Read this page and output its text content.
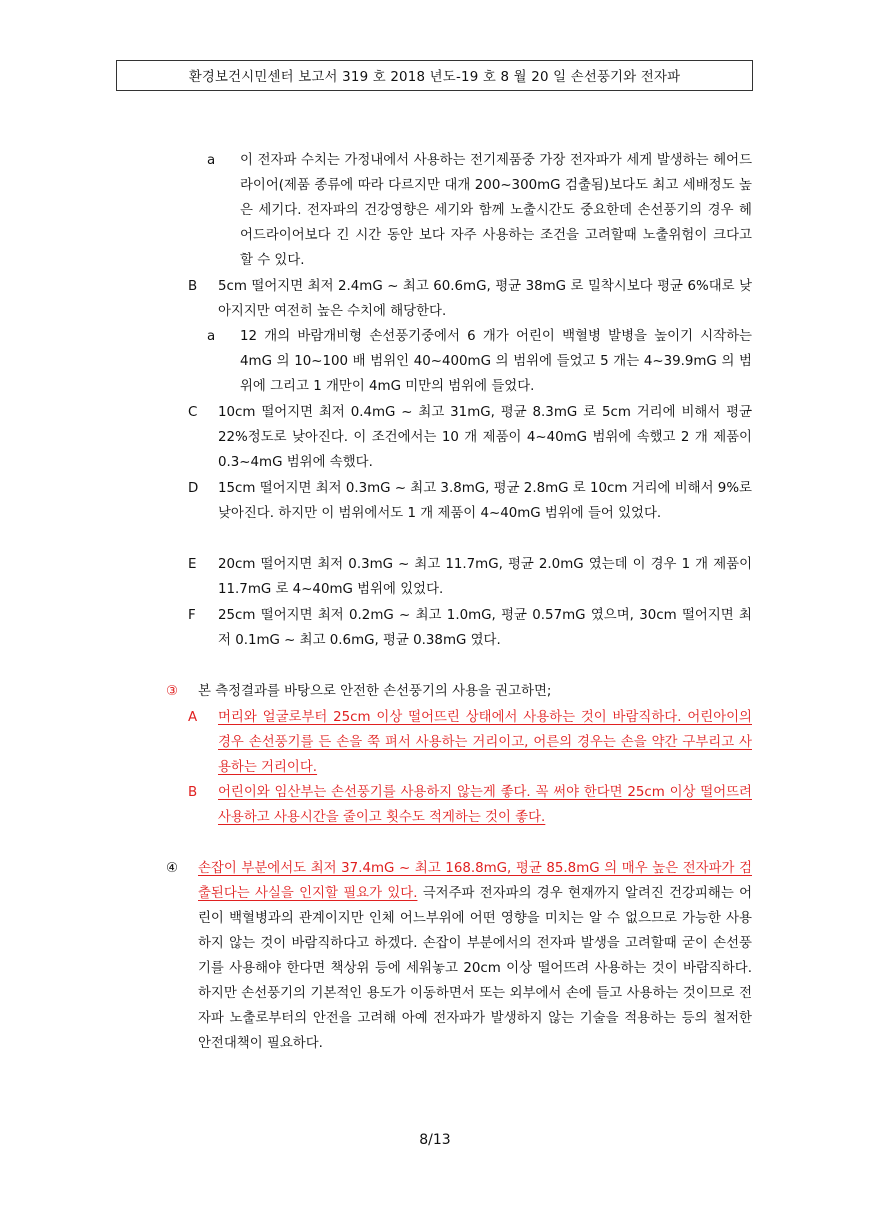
환경보건시민센터 보고서 319 호 2018 년도-19 호 8 월 20 일 손선풍기와 전자파
a 이 전자파 수치는 가정내에서 사용하는 전기제품중 가장 전자파가 세게 발생하는 헤어드라이어(제품 종류에 따라 다르지만 대개 200~300mG 검출됨)보다도 최고 세배정도 높은 세기다. 전자파의 건강영향은 세기와 함께 노출시간도 중요한데 손선풍기의 경우 헤어드라이어보다 긴 시간 동안 보다 자주 사용하는 조건을 고려할때 노출위험이 크다고 할 수 있다.
B 5cm 떨어지면 최저 2.4mG ~ 최고 60.6mG, 평균 38mG 로 밀착시보다 평균 6%대로 낮아지지만 여전히 높은 수치에 해당한다.
a 12 개의 바람개비형 손선풍기중에서 6 개가 어린이 백혈병 발병을 높이기 시작하는 4mG 의 10~100 배 범위인 40~400mG 의 범위에 들었고 5 개는 4~39.9mG 의 범위에 그리고 1 개만이 4mG 미만의 범위에 들었다.
C 10cm 떨어지면 최저 0.4mG ~ 최고 31mG, 평균 8.3mG 로 5cm 거리에 비해서 평균 22%정도로 낮아진다. 이 조건에서는 10 개 제품이 4~40mG 범위에 속했고 2 개 제품이 0.3~4mG 범위에 속했다.
D 15cm 떨어지면 최저 0.3mG ~ 최고 3.8mG, 평균 2.8mG 로 10cm 거리에 비해서 9%로 낮아진다. 하지만 이 범위에서도 1 개 제품이 4~40mG 범위에 들어 있었다.
E 20cm 떨어지면 최저 0.3mG ~ 최고 11.7mG, 평균 2.0mG 였는데 이 경우 1 개 제품이 11.7mG 로 4~40mG 범위에 있었다.
F 25cm 떨어지면 최저 0.2mG ~ 최고 1.0mG, 평균 0.57mG 였으며, 30cm 떨어지면 최저 0.1mG ~ 최고 0.6mG, 평균 0.38mG 였다.
③ 본 측정결과를 바탕으로 안전한 손선풍기의 사용을 권고하면;
A 머리와 얼굴로부터 25cm 이상 떨어뜨린 상태에서 사용하는 것이 바람직하다. 어린아이의 경우 손선풍기를 든 손을 쭉 펴서 사용하는 거리이고, 어른의 경우는 손을 약간 구부리고 사용하는 거리이다.
B 어린이와 임산부는 손선풍기를 사용하지 않는게 좋다. 꼭 써야 한다면 25cm 이상 떨어뜨려 사용하고 사용시간을 줄이고 횟수도 적게하는 것이 좋다.
④ 손잡이 부분에서도 최저 37.4mG ~ 최고 168.8mG, 평균 85.8mG 의 매우 높은 전자파가 검출된다는 사실을 인지할 필요가 있다. 극저주파 전자파의 경우 현재까지 알려진 건강피해는 어린이 백혈병과의 관계이지만 인체 어느부위에 어떤 영향을 미치는 알 수 없으므로 가능한 사용하지 않는 것이 바람직하다고 하겠다. 손잡이 부분에서의 전자파 발생을 고려할때 굳이 손선풍기를 사용해야 한다면 책상위 등에 세워놓고 20cm 이상 떨어뜨려 사용하는 것이 바람직하다. 하지만 손선풍기의 기본적인 용도가 이동하면서 또는 외부에서 손에 들고 사용하는 것이므로 전자파 노출로부터의 안전을 고려해 아예 전자파가 발생하지 않는 기술을 적용하는 등의 철저한 안전대책이 필요하다.
8/13
